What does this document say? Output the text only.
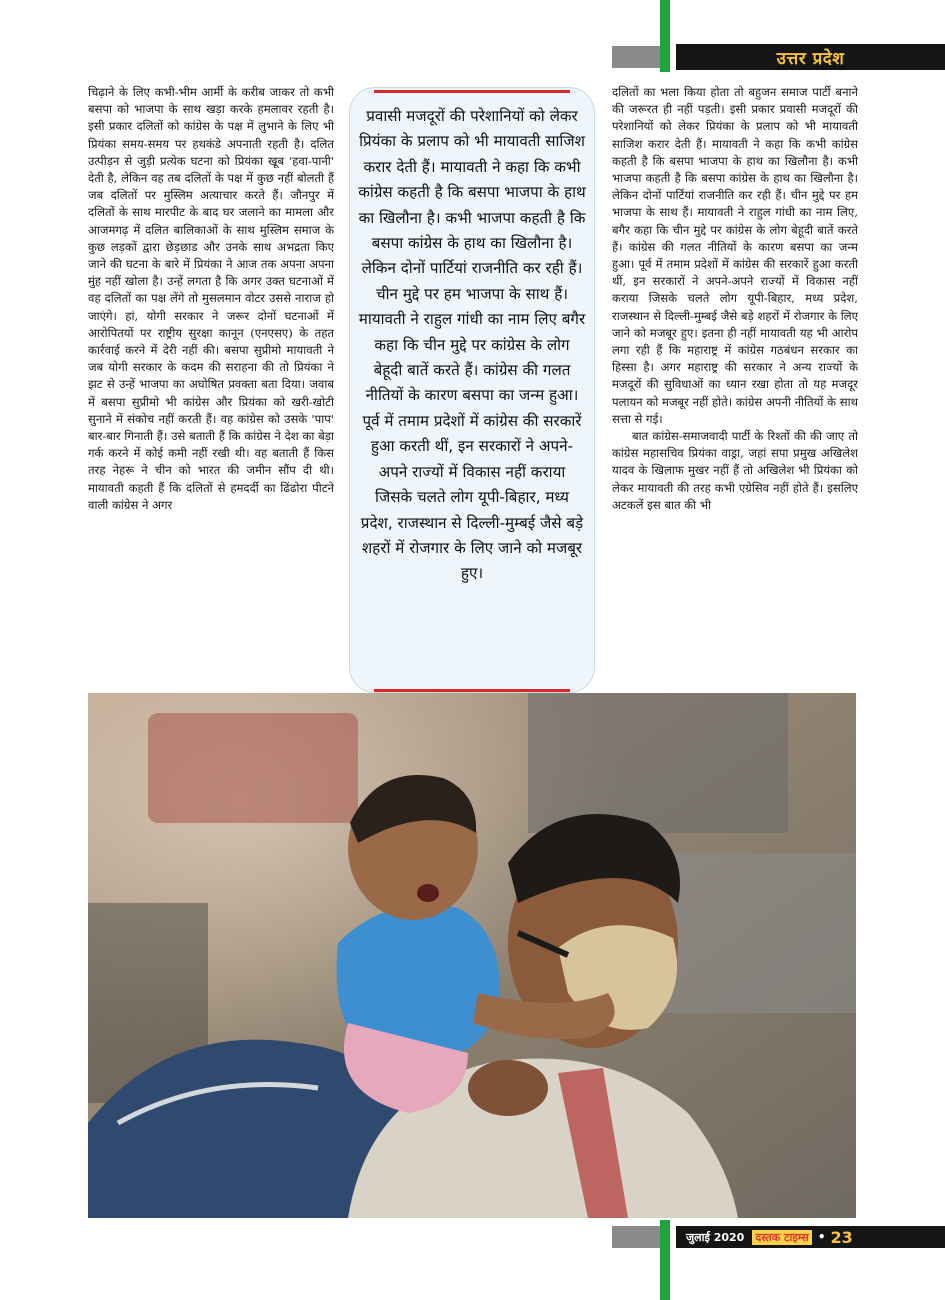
उत्तर प्रदेश

चिढ़ाने के लिए कभी-भीम आर्मी के करीब जाकर तो कभी बसपा को भाजपा के साथ खड़ा करके हमलावर रहती है। इसी प्रकार दलितों को कांग्रेस के पक्ष में लुभाने के लिए भी प्रियंका समय-समय पर हथकंडे अपनाती रहती है। दलित उत्पीड़न से जुड़ी प्रत्येक घटना को प्रियंका खूब 'हवा-पानी' देती है, लेकिन वह तब दलितों के पक्ष में कुछ नहीं बोलती हैं जब दलितों पर मुस्लिम अत्याचार करते हैं। जौनपुर में दलितों के साथ मारपीट के बाद घर जलाने का मामला और आजमगढ़ में दलित बालिकाओं के साथ मुस्लिम समाज के कुछ लड़कों द्वारा छेड़छाड और उनके साथ अभद्रता किए जाने की घटना के बारे में प्रियंका ने आज तक अपना अपना मुंह नहीं खोला है। उन्हें लगता है कि अगर उक्त घटनाओं में वह दलितों का पक्ष लेंगे तो मुसलमान वोटर उससे नाराज हो जाएंगे। हां, योगी सरकार ने जरूर दोनों घटनाओं में आरोपितयों पर राष्ट्रीय सुरक्षा कानून (एनएसए) के तहत कार्रवाई करने में देरी नहीं की। बसपा सुप्रीमो मायावती ने जब योगी सरकार के कदम की सराहना की तो प्रियंका ने झट से उन्हें भाजपा का अघोषित प्रवक्ता बता दिया। जवाब में बसपा सुप्रीमो भी कांग्रेस और प्रियंका को खरी-खोटी सुनाने में संकोच नहीं करती हैं। वह कांग्रेस को उसके 'पाप' बार-बार गिनाती हैं। उसे बताती हैं कि कांग्रेस ने देश का बेड़ा गर्क करने में कोई कमी नहीं रखी थी। वह बताती हैं किस तरह नेहरू ने चीन को भारत की जमीन सौंप दी थी। मायावती कहती हैं कि दलितों से हमदर्दी का ढिंढोरा पीटने वाली कांग्रेस ने अगर

प्रवासी मजदूरों की परेशानियों को लेकर प्रियंका के प्रलाप को भी मायावती साजिश करार देती हैं। मायावती ने कहा कि कभी कांग्रेस कहती है कि बसपा भाजपा के हाथ का खिलौना है। कभी भाजपा कहती है कि बसपा कांग्रेस के हाथ का खिलौना है। लेकिन दोनों पार्टियां राजनीति कर रही हैं। चीन मुद्दे पर हम भाजपा के साथ हैं। मायावती ने राहुल गांधी का नाम लिए बगैर कहा कि चीन मुद्दे पर कांग्रेस के लोग बेहूदी बातें करते हैं। कांग्रेस की गलत नीतियों के कारण बसपा का जन्म हुआ। पूर्व में तमाम प्रदेशों में कांग्रेस की सरकारें हुआ करती थीं, इन सरकारों ने अपने-अपने राज्यों में विकास नहीं कराया जिसके चलते लोग यूपी-बिहार, मध्य प्रदेश, राजस्थान से दिल्ली-मुम्बई जैसे बड़े शहरों में रोजगार के लिए जाने को मजबूर हुए।

दलितों का भला किया होता तो बहुजन समाज पार्टी बनाने की जरूरत ही नहीं पड़ती। इसी प्रकार प्रवासी मजदूरों की परेशानियों को लेकर प्रियंका के प्रलाप को भी मायावती साजिश करार देती हैं। मायावती ने कहा कि कभी कांग्रेस कहती है कि बसपा भाजपा के हाथ का खिलौना है। कभी भाजपा कहती है कि बसपा कांग्रेस के हाथ का खिलौना है। लेकिन दोनों पार्टियां राजनीति कर रही हैं। चीन मुद्दे पर हम भाजपा के साथ हैं। मायावती ने राहुल गांधी का नाम लिए, बगैर कहा कि चीन मुद्दे पर कांग्रेस के लोग बेहूदी बातें करते हैं। कांग्रेस की गलत नीतियों के कारण बसपा का जन्म हुआ। पूर्व में तमाम प्रदेशों में कांग्रेस की सरकारें हुआ करती थीं, इन सरकारों ने अपने-अपने राज्यों में विकास नहीं कराया जिसके चलते लोग यूपी-बिहार, मध्य प्रदेश, राजस्थान से दिल्ली-मुम्बई जैसे बड़े शहरों में रोजगार के लिए जाने को मजबूर हुए। इतना ही नहीं मायावती यह भी आरोप लगा रही हैं कि महाराष्ट्र में कांग्रेस गठबंधन सरकार का हिस्सा है। अगर महाराष्ट्र की सरकार ने अन्य राज्यों के मजदूरों की सुविधाओं का ध्यान रखा होता तो यह मजदूर पलायन को मजबूर नहीं होते। कांग्रेस अपनी नीतियों के साथ सत्ता से गई।

बात कांग्रेस-समाजवादी पार्टी के रिश्तों की की जाए तो कांग्रेस महासचिव प्रियंका वाड्रा, जहां सपा प्रमुख अखिलेश यादव के खिलाफ मुखर नहीं हैं तो अखिलेश भी प्रियंका को लेकर मायावती की तरह कभी एग्रेसिव नहीं होते हैं। इसलिए अटकलें इस बात की भी

जुलाई 2020 दस्तक टाइम्स • 23
